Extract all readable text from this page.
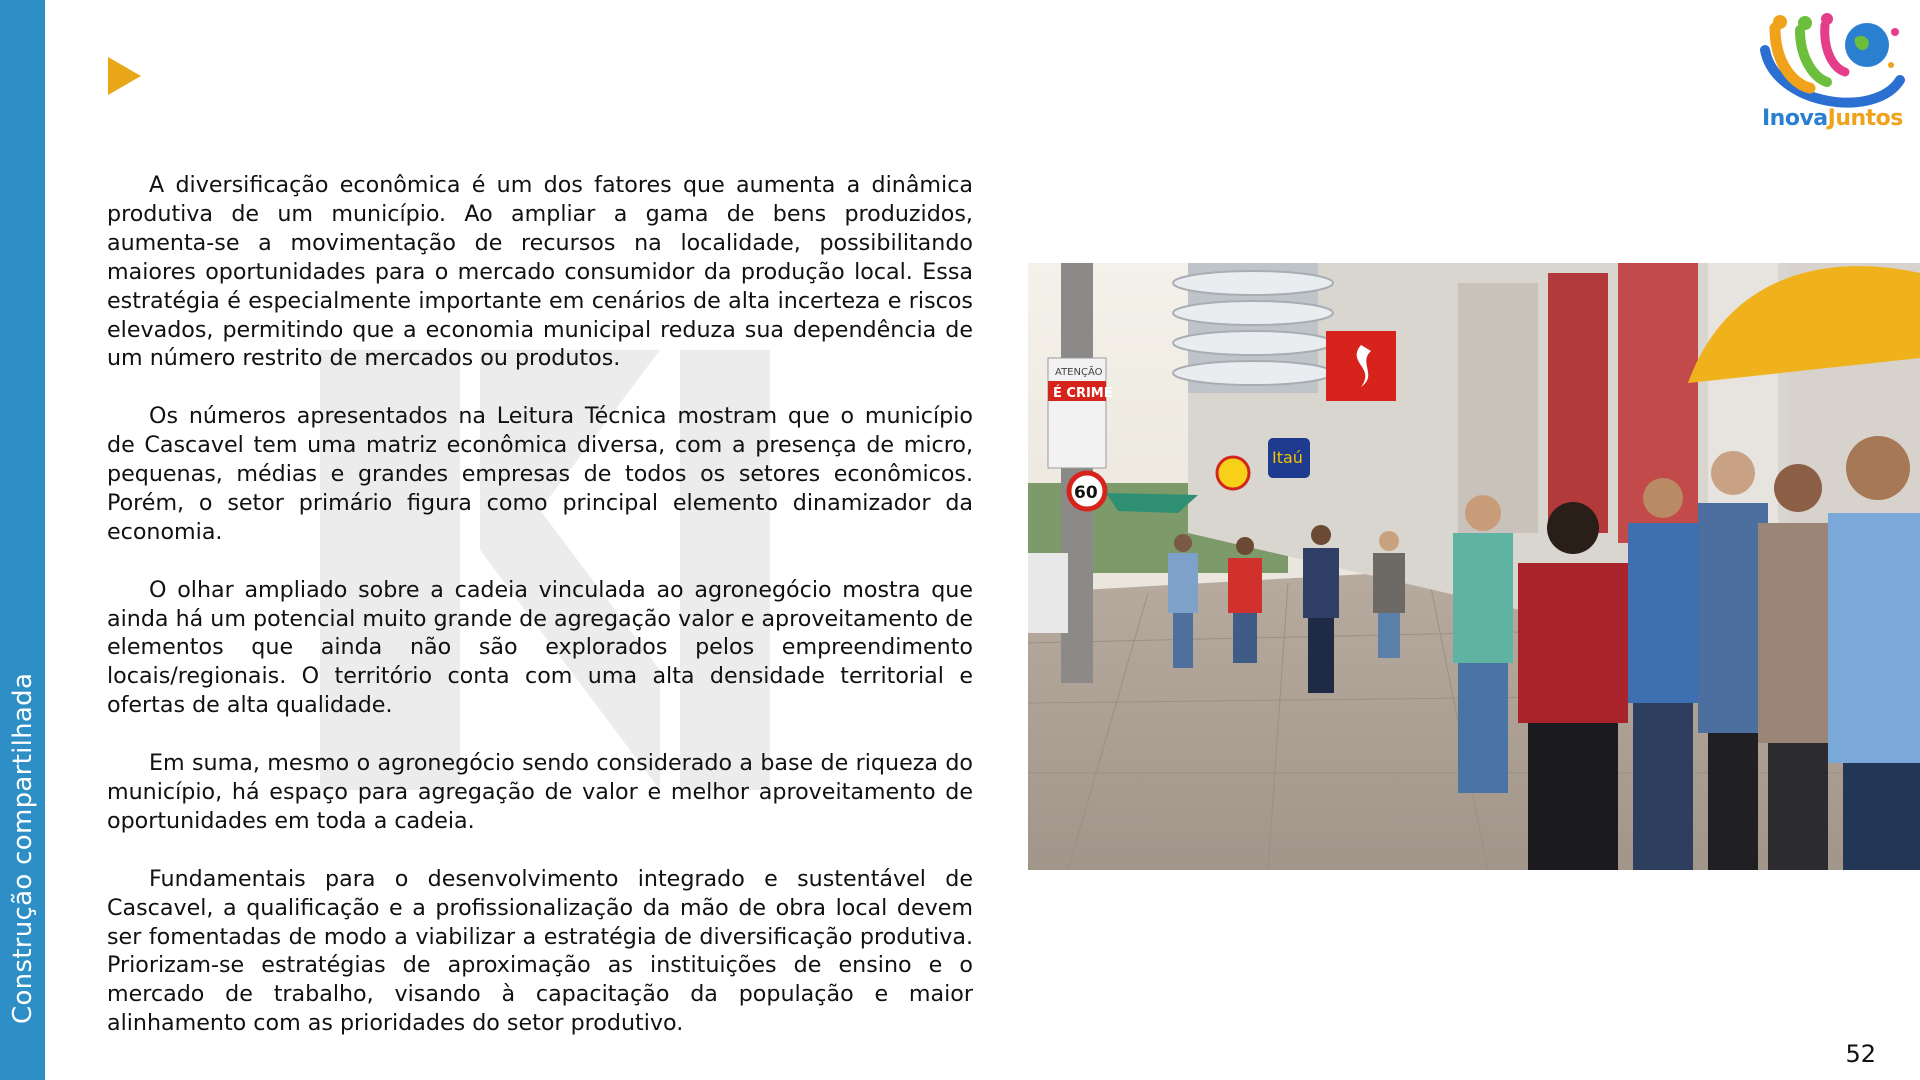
Construção compartilhada

A diversificação econômica é um dos fatores que aumenta a dinâmica produtiva de um município. Ao ampliar a gama de bens produzidos, aumenta-se a movimentação de recursos na localidade, possibilitando maiores oportunidades para o mercado consumidor da produção local. Essa estratégia é especialmente importante em cenários de alta incerteza e riscos elevados, permitindo que a economia municipal reduza sua dependência de um número restrito de mercados ou produtos.

Os números apresentados na Leitura Técnica mostram que o município de Cascavel tem uma matriz econômica diversa, com a presença de micro, pequenas, médias e grandes empresas de todos os setores econômicos. Porém, o setor primário figura como principal elemento dinamizador da economia.

O olhar ampliado sobre a cadeia vinculada ao agronegócio mostra que ainda há um potencial muito grande de agregação valor e aproveitamento de elementos que ainda não são explorados pelos empreendimento locais/regionais. O território conta com uma alta densidade territorial e ofertas de alta qualidade.

Em suma, mesmo o agronegócio sendo considerado a base de riqueza do município, há espaço para agregação de valor e melhor aproveitamento de oportunidades em toda a cadeia.

Fundamentais para o desenvolvimento integrado e sustentável de Cascavel, a qualificação e a profissionalização da mão de obra local devem ser fomentadas de modo a viabilizar a estratégia de diversificação produtiva. Priorizam-se estratégias de aproximação as instituições de ensino e o mercado de trabalho, visando à capacitação da população e maior alinhamento com as prioridades do setor produtivo.

Itaú
ATENÇÃO
É CRIME
60
InovaJuntos
52
